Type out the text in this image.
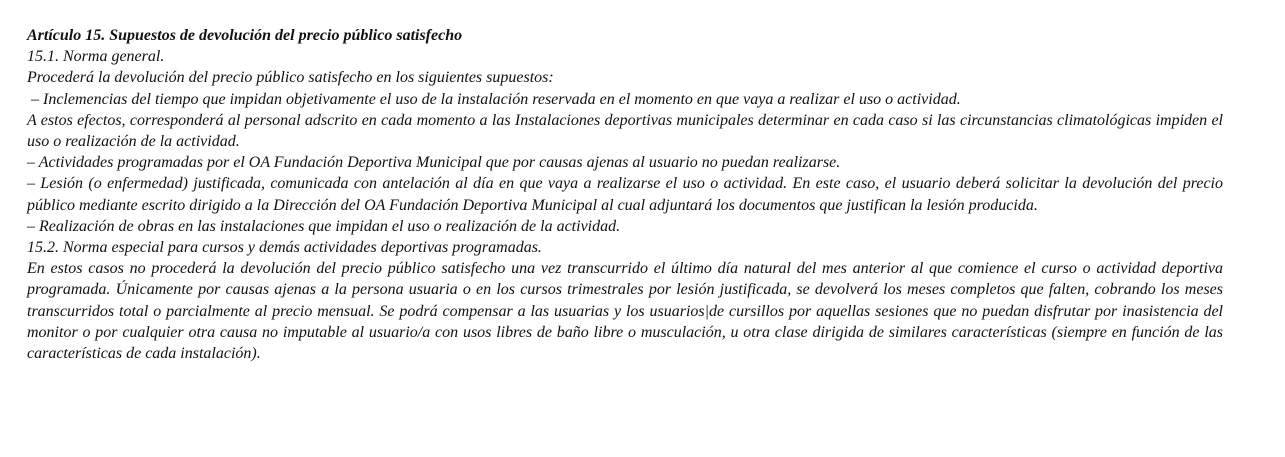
Artículo 15. Supuestos de devolución del precio público satisfecho

15.1. Norma general.

Procederá la devolución del precio público satisfecho en los siguientes supuestos:

– Inclemencias del tiempo que impidan objetivamente el uso de la instalación reservada en el momento en que vaya a realizar el uso o actividad.

A estos efectos, corresponderá al personal adscrito en cada momento a las Instalaciones deportivas municipales determinar en cada caso si las circunstancias climatológicas impiden el uso o realización de la actividad.

– Actividades programadas por el OA Fundación Deportiva Municipal que por causas ajenas al usuario no puedan realizarse.

– Lesión (o enfermedad) justificada, comunicada con antelación al día en que vaya a realizarse el uso o actividad. En este caso, el usuario deberá solicitar la devolución del precio público mediante escrito dirigido a la Dirección del OA Fundación Deportiva Municipal al cual adjuntará los documentos que justifican la lesión producida.

– Realización de obras en las instalaciones que impidan el uso o realización de la actividad.

15.2. Norma especial para cursos y demás actividades deportivas programadas.

En estos casos no procederá la devolución del precio público satisfecho una vez transcurrido el último día natural del mes anterior al que comience el curso o actividad deportiva programada. Únicamente por causas ajenas a la persona usuaria o en los cursos trimestrales por lesión justificada, se devolverá los meses completos que falten, cobrando los meses transcurridos total o parcialmente al precio mensual. Se podrá compensar a las usuarias y los usuarios|de cursillos por aquellas sesiones que no puedan disfrutar por inasistencia del monitor o por cualquier otra causa no imputable al usuario/a con usos libres de baño libre o musculación, u otra clase dirigida de similares características (siempre en función de las características de cada instalación).
